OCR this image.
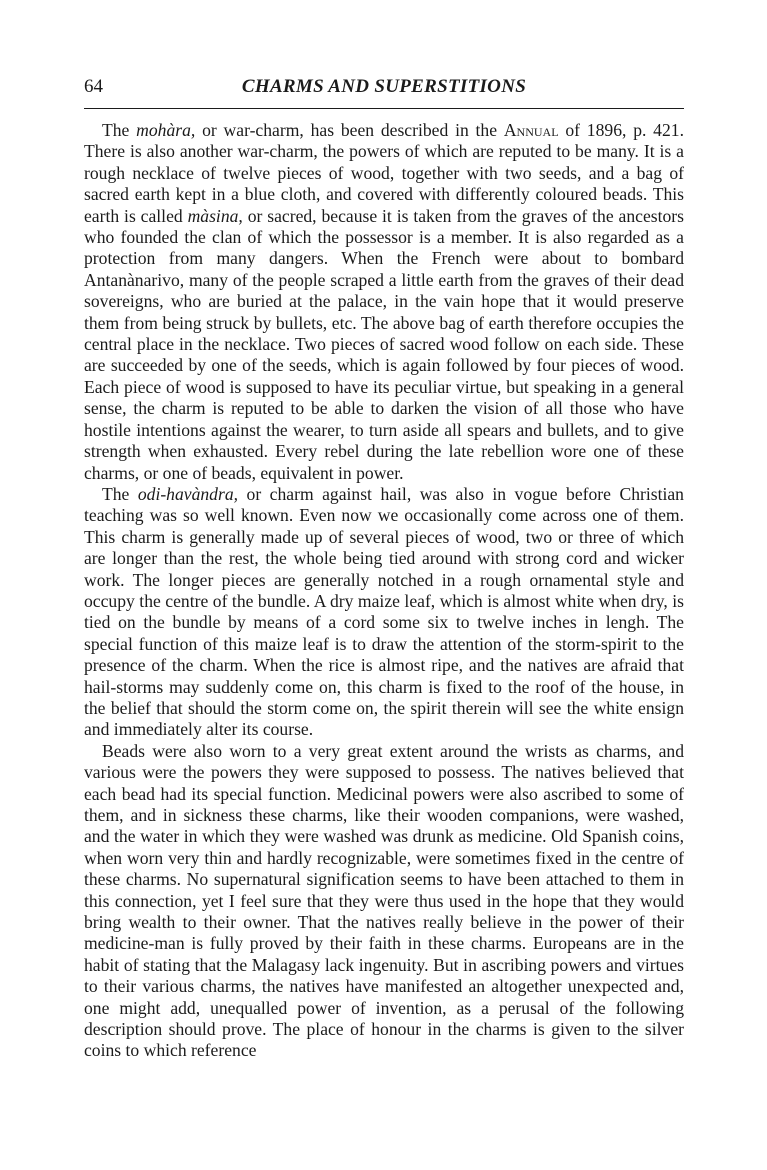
64	CHARMS AND SUPERSTITIONS

The mohàra, or war-charm, has been described in the Annual of 1896, p. 421. There is also another war-charm, the powers of which are reputed to be many. It is a rough necklace of twelve pieces of wood, together with two seeds, and a bag of sacred earth kept in a blue cloth, and covered with differently coloured beads. This earth is called màsina, or sacred, because it is taken from the graves of the ancestors who founded the clan of which the possessor is a member. It is also regarded as a protection from many dangers. When the French were about to bombard Antanànarivo, many of the people scraped a little earth from the graves of their dead sovereigns, who are buried at the palace, in the vain hope that it would preserve them from being struck by bullets, etc. The above bag of earth therefore occupies the central place in the necklace. Two pieces of sacred wood follow on each side. These are succeeded by one of the seeds, which is again followed by four pieces of wood. Each piece of wood is supposed to have its peculiar virtue, but speaking in a general sense, the charm is reputed to be able to darken the vision of all those who have hostile intentions against the wearer, to turn aside all spears and bullets, and to give strength when exhausted. Every rebel during the late rebellion wore one of these charms, or one of beads, equivalent in power.

The odi-havàndra, or charm against hail, was also in vogue before Christian teaching was so well known. Even now we occasionally come across one of them. This charm is generally made up of several pieces of wood, two or three of which are longer than the rest, the whole being tied around with strong cord and wicker work. The longer pieces are generally notched in a rough ornamental style and occupy the centre of the bundle. A dry maize leaf, which is almost white when dry, is tied on the bundle by means of a cord some six to twelve inches in lengh. The special function of this maize leaf is to draw the attention of the storm-spirit to the presence of the charm. When the rice is almost ripe, and the natives are afraid that hail-storms may suddenly come on, this charm is fixed to the roof of the house, in the belief that should the storm come on, the spirit therein will see the white ensign and immediately alter its course.

Beads were also worn to a very great extent around the wrists as charms, and various were the powers they were supposed to possess. The natives believed that each bead had its special function. Medicinal powers were also ascribed to some of them, and in sickness these charms, like their wooden companions, were washed, and the water in which they were washed was drunk as medicine. Old Spanish coins, when worn very thin and hardly recognizable, were sometimes fixed in the centre of these charms. No supernatural signification seems to have been attached to them in this connection, yet I feel sure that they were thus used in the hope that they would bring wealth to their owner. That the natives really believe in the power of their medicine-man is fully proved by their faith in these charms. Europeans are in the habit of stating that the Malagasy lack ingenuity. But in ascribing powers and virtues to their various charms, the natives have manifested an altogether unexpected and, one might add, unequalled power of invention, as a perusal of the following description should prove. The place of honour in the charms is given to the silver coins to which reference
